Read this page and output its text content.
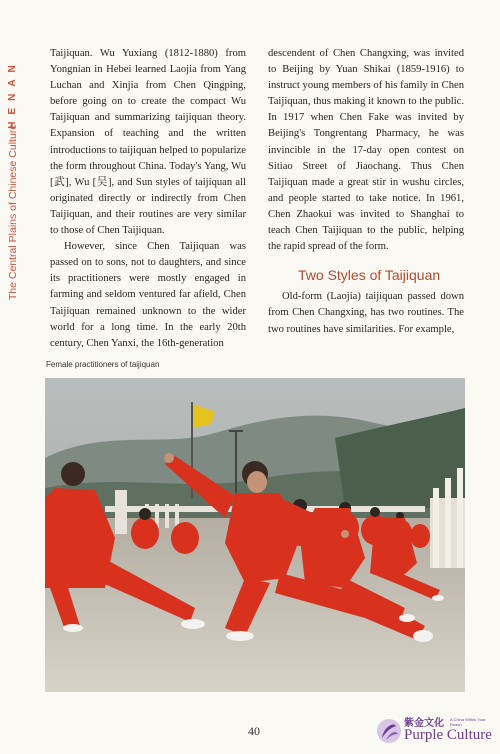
HENAN
The Central Plains of Chinese Culture

Taijiquan. Wu Yuxiang (1812-1880) from Yongnian in Hebei learned Laojia from Yang Luchan and Xinjia from Chen Qingping, before going on to create the compact Wu Taijiquan and summarizing taijiquan theory. Expansion of teaching and the written introductions to taijiquan helped to popularize the form throughout China. Today's Yang, Wu [武], Wu [吴], and Sun styles of taijiquan all originated directly or indirectly from Chen Taijiquan, and their routines are very similar to those of Chen Taijiquan.

However, since Chen Taijiquan was passed on to sons, not to daughters, and since its practitioners were mostly engaged in farming and seldom ventured far afield, Chen Taijiquan remained unknown to the wider world for a long time. In the early 20th century, Chen Yanxi, the 16th-generation

descendent of Chen Changxing, was invited to Beijing by Yuan Shikai (1859-1916) to instruct young members of his family in Chen Taijiquan, thus making it known to the public. In 1917 when Chen Fake was invited by Beijing's Tongrentang Pharmacy, he was invincible in the 17-day open contest on Sitiao Street of Jiaochang. Thus Chen Taijiquan made a great stir in wushu circles, and people started to take notice. In 1961, Chen Zhaokui was invited to Shanghai to teach Chen Taijiquan to the public, helping the rapid spread of the form.

Two Styles of Taijiquan

Old-form (Laojia) taijiquan passed down from Chen Changxing, has two routines. The two routines have similarities. For example,

Female practitioners of taijiquan
40
紫金文化 A China Within Your Reach
Purple Culture
